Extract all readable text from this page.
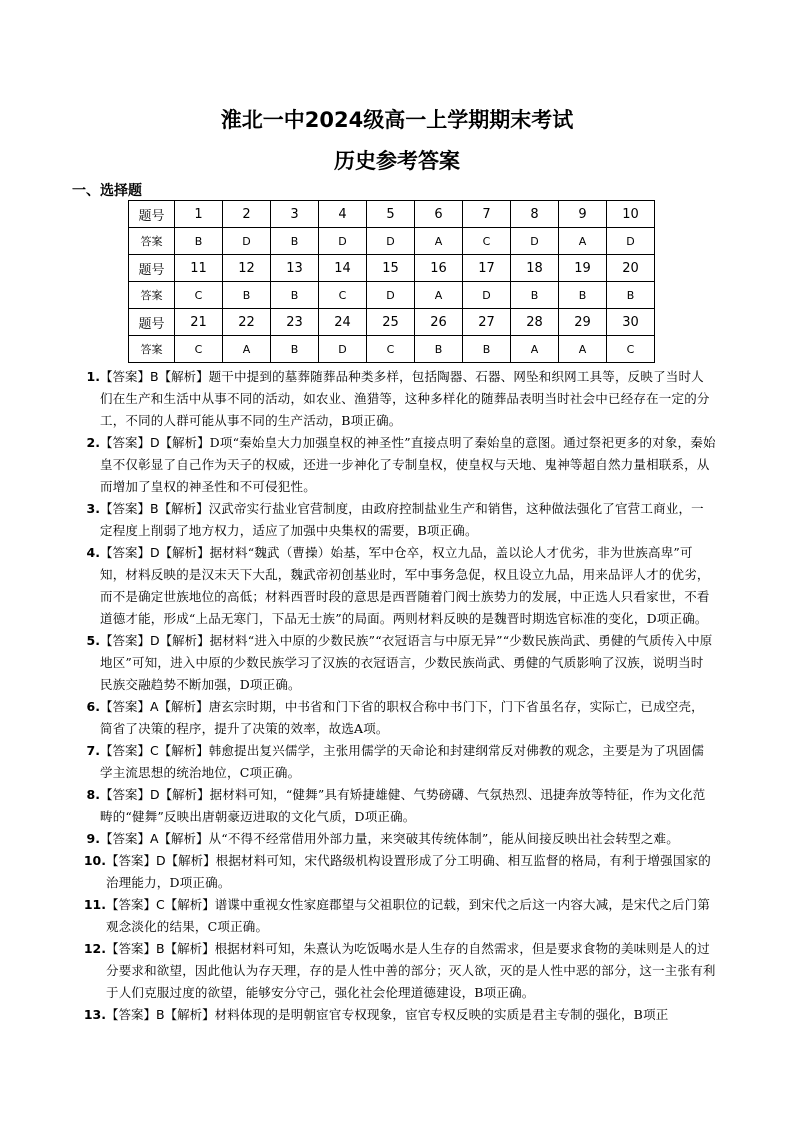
淮北一中2024级高一上学期期末考试
历史参考答案
一、选择题
题号	1	2	3	4	5	6	7	8	9	10
答案	B	D	B	D	D	A	C	D	A	D
题号	11	12	13	14	15	16	17	18	19	20
答案	C	B	B	C	D	A	D	B	B	B
题号	21	22	23	24	25	26	27	28	29	30
答案	C	A	B	D	C	B	B	A	A	C
1. 【答案】B【解析】题干中提到的墓葬随葬品种类多样，包括陶器、石器、网坠和织网工具等，反映了当时人们在生产和生活中从事不同的活动，如农业、渔猎等，这种多样化的随葬品表明当时社会中已经存在一定的分工，不同的人群可能从事不同的生产活动，B项正确。
2. 【答案】D【解析】D项“秦始皇大力加强皇权的神圣性”直接点明了秦始皇的意图。通过祭祀更多的对象，秦始皇不仅彰显了自己作为天子的权威，还进一步神化了专制皇权，使皇权与天地、鬼神等超自然力量相联系，从而增加了皇权的神圣性和不可侵犯性。
3. 【答案】B【解析】汉武帝实行盐业官营制度，由政府控制盐业生产和销售，这种做法强化了官营工商业，一定程度上削弱了地方权力，适应了加强中央集权的需要，B项正确。
4. 【答案】D【解析】据材料“魏武（曹操）始基，军中仓卒，权立九品，盖以论人才优劣，非为世族高卑”可知，材料反映的是汉末天下大乱，魏武帝初创基业时，军中事务急促，权且设立九品，用来品评人才的优劣，而不是确定世族地位的高低；材料西晋时段的意思是西晋随着门阀士族势力的发展，中正选人只看家世，不看道德才能，形成“上品无寒门，下品无士族”的局面。两则材料反映的是魏晋时期选官标准的变化，D项正确。
5. 【答案】D【解析】据材料“进入中原的少数民族”“衣冠语言与中原无异”“少数民族尚武、勇健的气质传入中原地区”可知，进入中原的少数民族学习了汉族的衣冠语言，少数民族尚武、勇健的气质影响了汉族，说明当时民族交融趋势不断加强，D项正确。
6. 【答案】A【解析】唐玄宗时期，中书省和门下省的职权合称中书门下，门下省虽名存，实际亡，已成空壳，简省了决策的程序，提升了决策的效率，故选A项。
7. 【答案】C【解析】韩愈提出复兴儒学，主张用儒学的天命论和封建纲常反对佛教的观念，主要是为了巩固儒学主流思想的统治地位，C项正确。
8. 【答案】D【解析】据材料可知，“健舞”具有矫捷雄健、气势磅礴、气氛热烈、迅捷奔放等特征，作为文化范畴的“健舞”反映出唐朝豪迈进取的文化气质，D项正确。
9. 【答案】A【解析】从“不得不经常借用外部力量，来突破其传统体制”，能从间接反映出社会转型之难。
10. 【答案】D【解析】根据材料可知，宋代路级机构设置形成了分工明确、相互监督的格局，有利于增强国家的治理能力，D项正确。
11. 【答案】C【解析】谱谍中重视女性家庭郡望与父祖职位的记载，到宋代之后这一内容大减，是宋代之后门第观念淡化的结果，C项正确。
12. 【答案】B【解析】根据材料可知，朱熹认为吃饭喝水是人生存的自然需求，但是要求食物的美味则是人的过分要求和欲望，因此他认为存天理，存的是人性中善的部分；灭人欲，灭的是人性中恶的部分，这一主张有利于人们克服过度的欲望，能够安分守己，强化社会伦理道德建设，B项正确。
13. 【答案】B【解析】材料体现的是明朝宦官专权现象，宦官专权反映的实质是君主专制的强化，B项正
